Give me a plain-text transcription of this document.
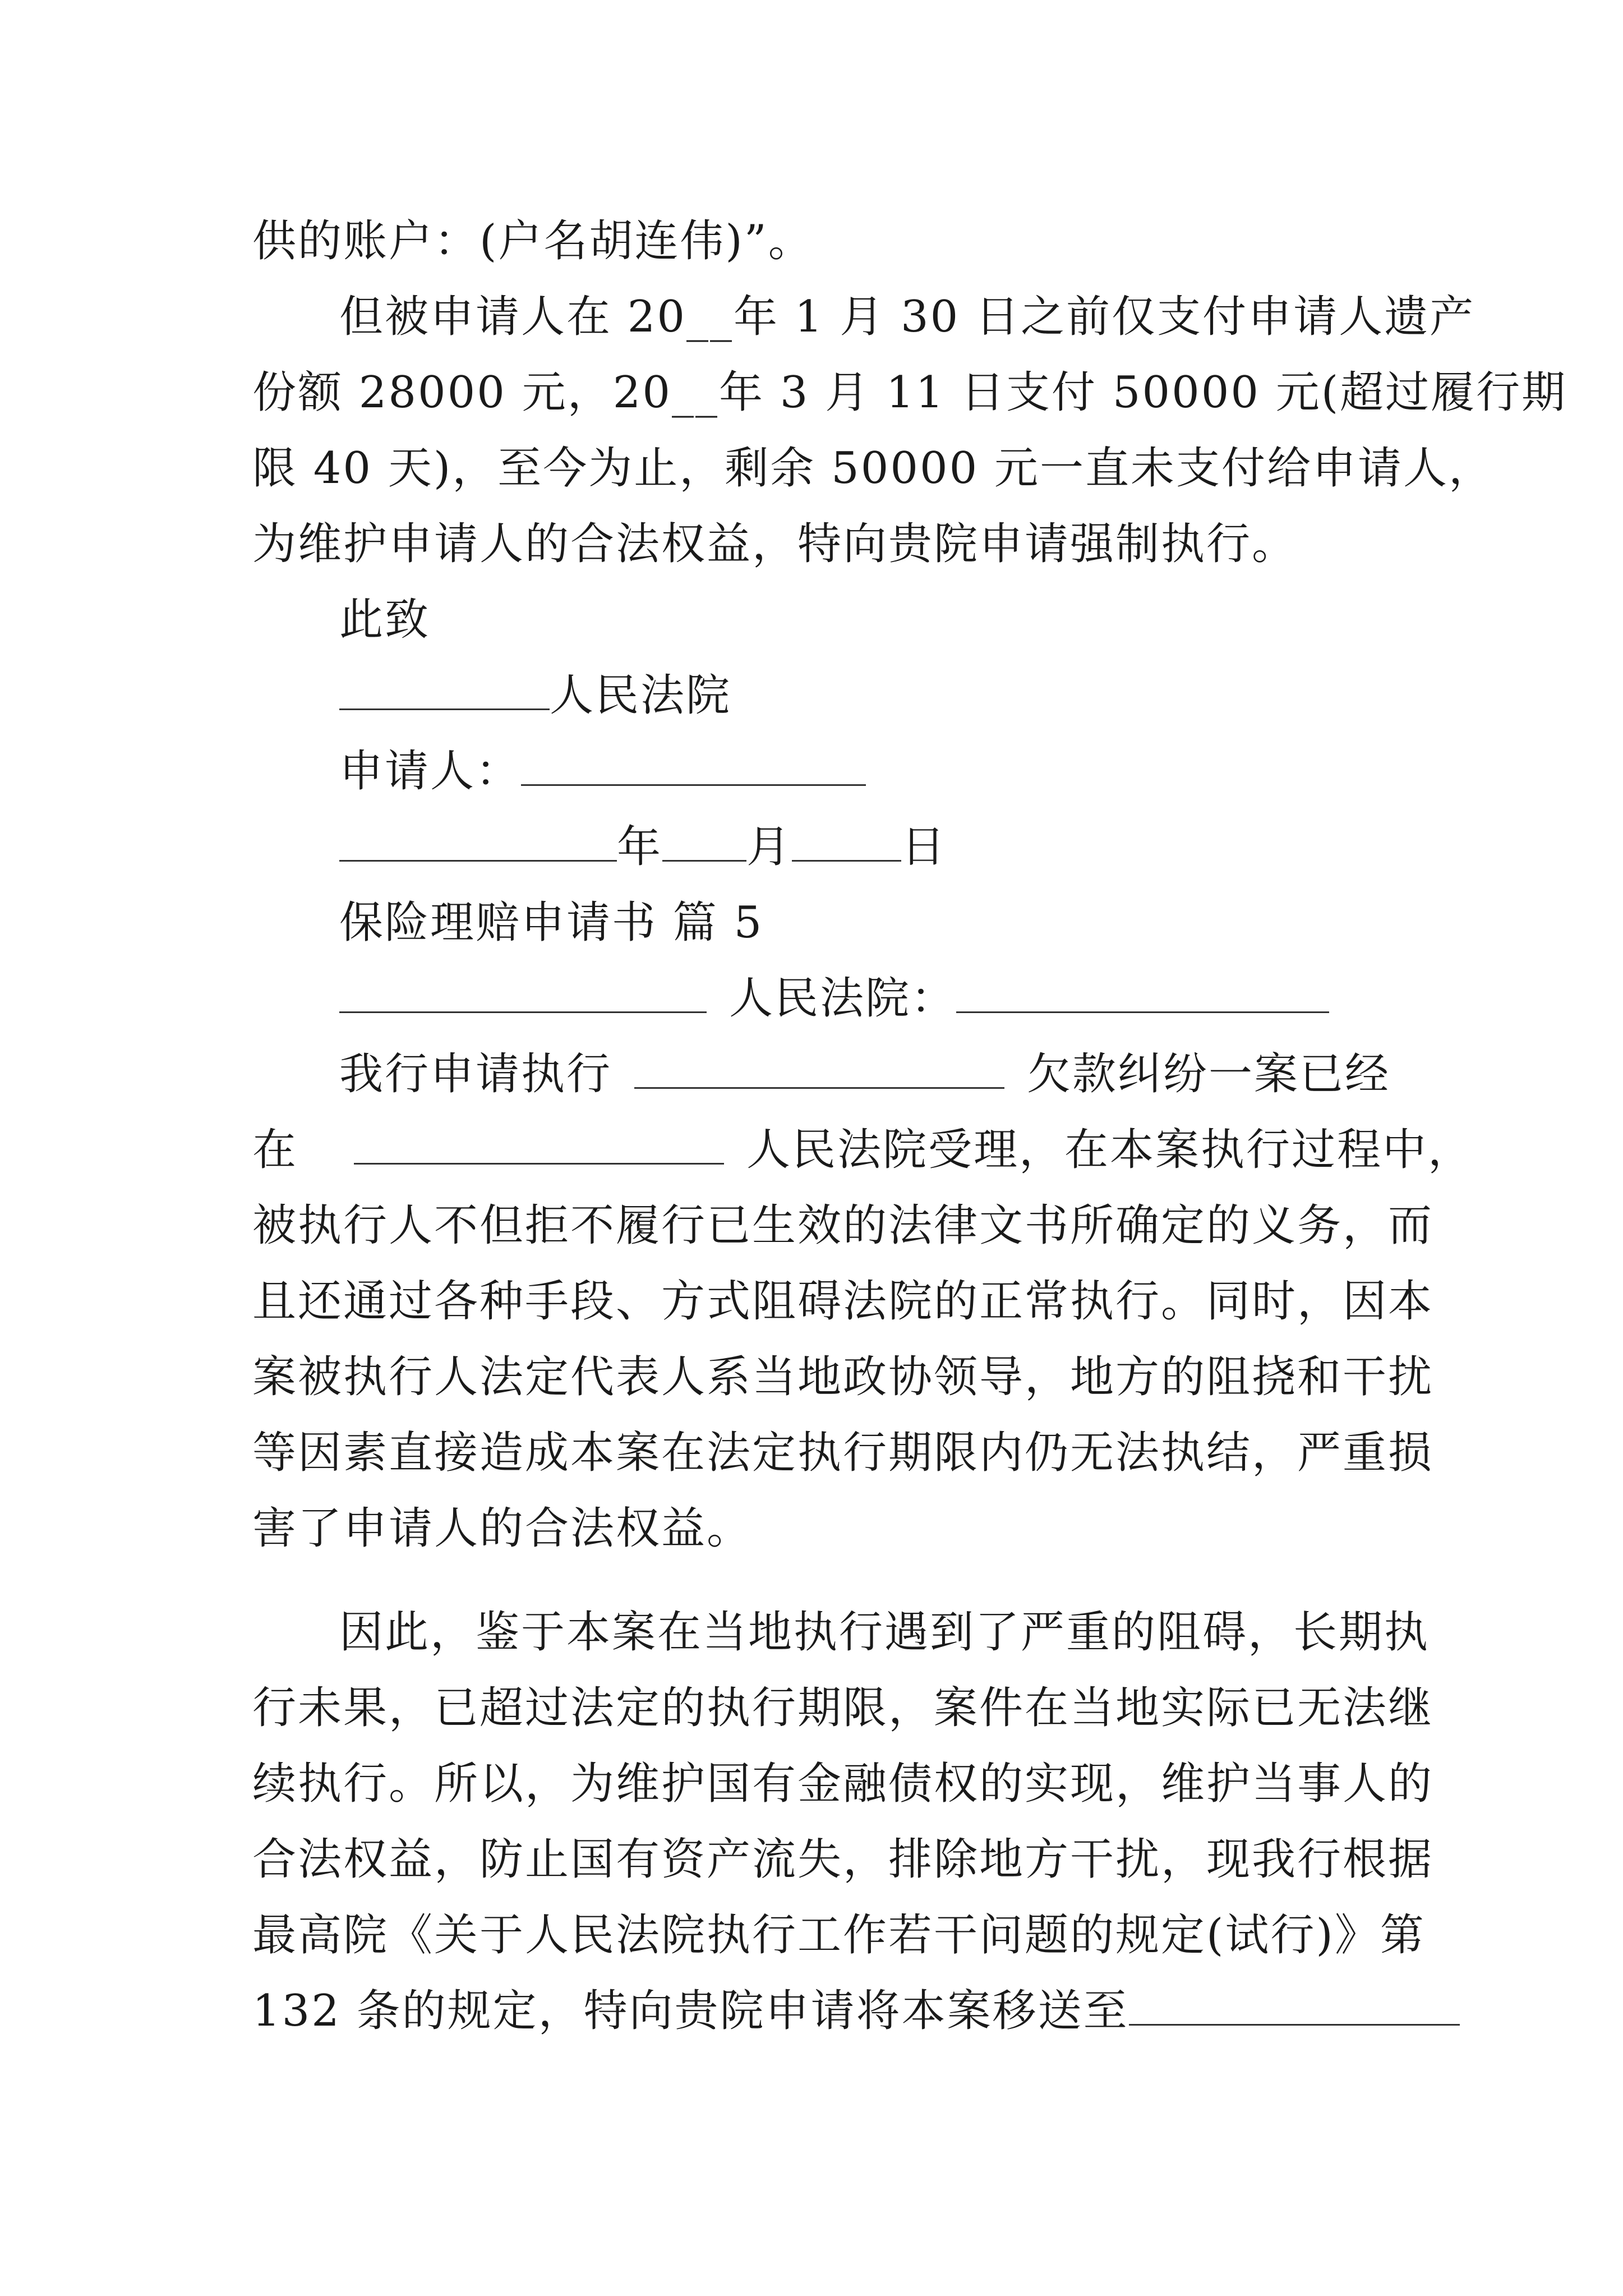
供的账户：(户名胡连伟)”。
但被申请人在 20__年 1 月 30 日之前仅支付申请人遗产
份额 28000 元，20__年 3 月 11 日支付 50000 元(超过履行期
限 40 天)，至今为止，剩余 50000 元一直未支付给申请人，
为维护申请人的合法权益，特向贵院申请强制执行。
此致
人民法院
申请人：
年 月	日
保险理赔申请书 篇 5
人民法院：
我行申请执行	欠款纠纷一案已经
在	人民法院受理，在本案执行过程中，
被执行人不但拒不履行已生效的法律文书所确定的义务，而
且还通过各种手段、方式阻碍法院的正常执行。同时，因本
案被执行人法定代表人系当地政协领导，地方的阻挠和干扰
等因素直接造成本案在法定执行期限内仍无法执结，严重损
害了申请人的合法权益。
因此，鉴于本案在当地执行遇到了严重的阻碍，长期执
行未果，已超过法定的执行期限，案件在当地实际已无法继
续执行。所以，为维护国有金融债权的实现，维护当事人的
合法权益，防止国有资产流失，排除地方干扰，现我行根据
最高院《关于人民法院执行工作若干问题的规定(试行)》第
132 条的规定，特向贵院申请将本案移送至
